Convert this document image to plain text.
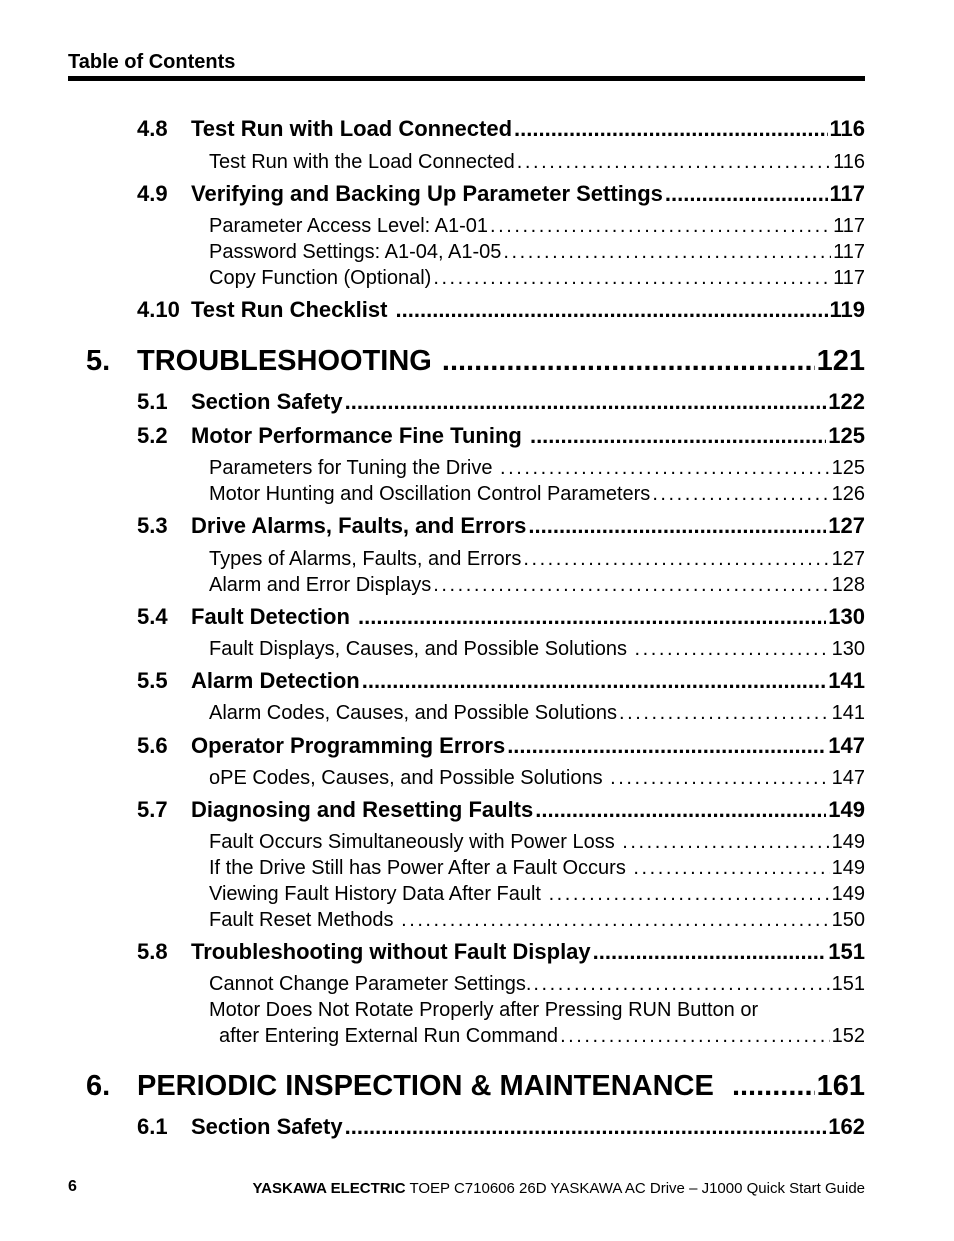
Table of Contents
4.8	Test Run with Load Connected .....	116
Test Run with the Load Connected . . .	116
4.9	Verifying and Backing Up Parameter Settings .....	117
Parameter Access Level: A1-01 . . .	117
Password Settings: A1-04, A1-05 . . .	117
Copy Function (Optional) . . .	117
4.10 Test Run Checklist .....	119
5. TROUBLESHOOTING .....	121
5.1	Section Safety .....	122
5.2	Motor Performance Fine Tuning .....	125
Parameters for Tuning the Drive . . .	125
Motor Hunting and Oscillation Control Parameters . . .	126
5.3	Drive Alarms, Faults, and Errors .....	127
Types of Alarms, Faults, and Errors . . .	127
Alarm and Error Displays . . .	128
5.4	Fault Detection .....	130
Fault Displays, Causes, and Possible Solutions . . .	130
5.5	Alarm Detection .....	141
Alarm Codes, Causes, and Possible Solutions . . .	141
5.6	Operator Programming Errors .....	147
oPE Codes, Causes, and Possible Solutions . . .	147
5.7	Diagnosing and Resetting Faults .....	149
Fault Occurs Simultaneously with Power Loss . . .	149
If the Drive Still has Power After a Fault Occurs . . .	149
Viewing Fault History Data After Fault . . .	149
Fault Reset Methods . . .	150
5.8	Troubleshooting without Fault Display .....	151
Cannot Change Parameter Settings. . . .	151
Motor Does Not Rotate Properly after Pressing RUN Button or
after Entering External Run Command . . .	152
6. PERIODIC INSPECTION & MAINTENANCE .....	161
6.1	Section Safety .....	162
6	YASKAWA ELECTRIC TOEP C710606 26D YASKAWA AC Drive – J1000 Quick Start Guide
